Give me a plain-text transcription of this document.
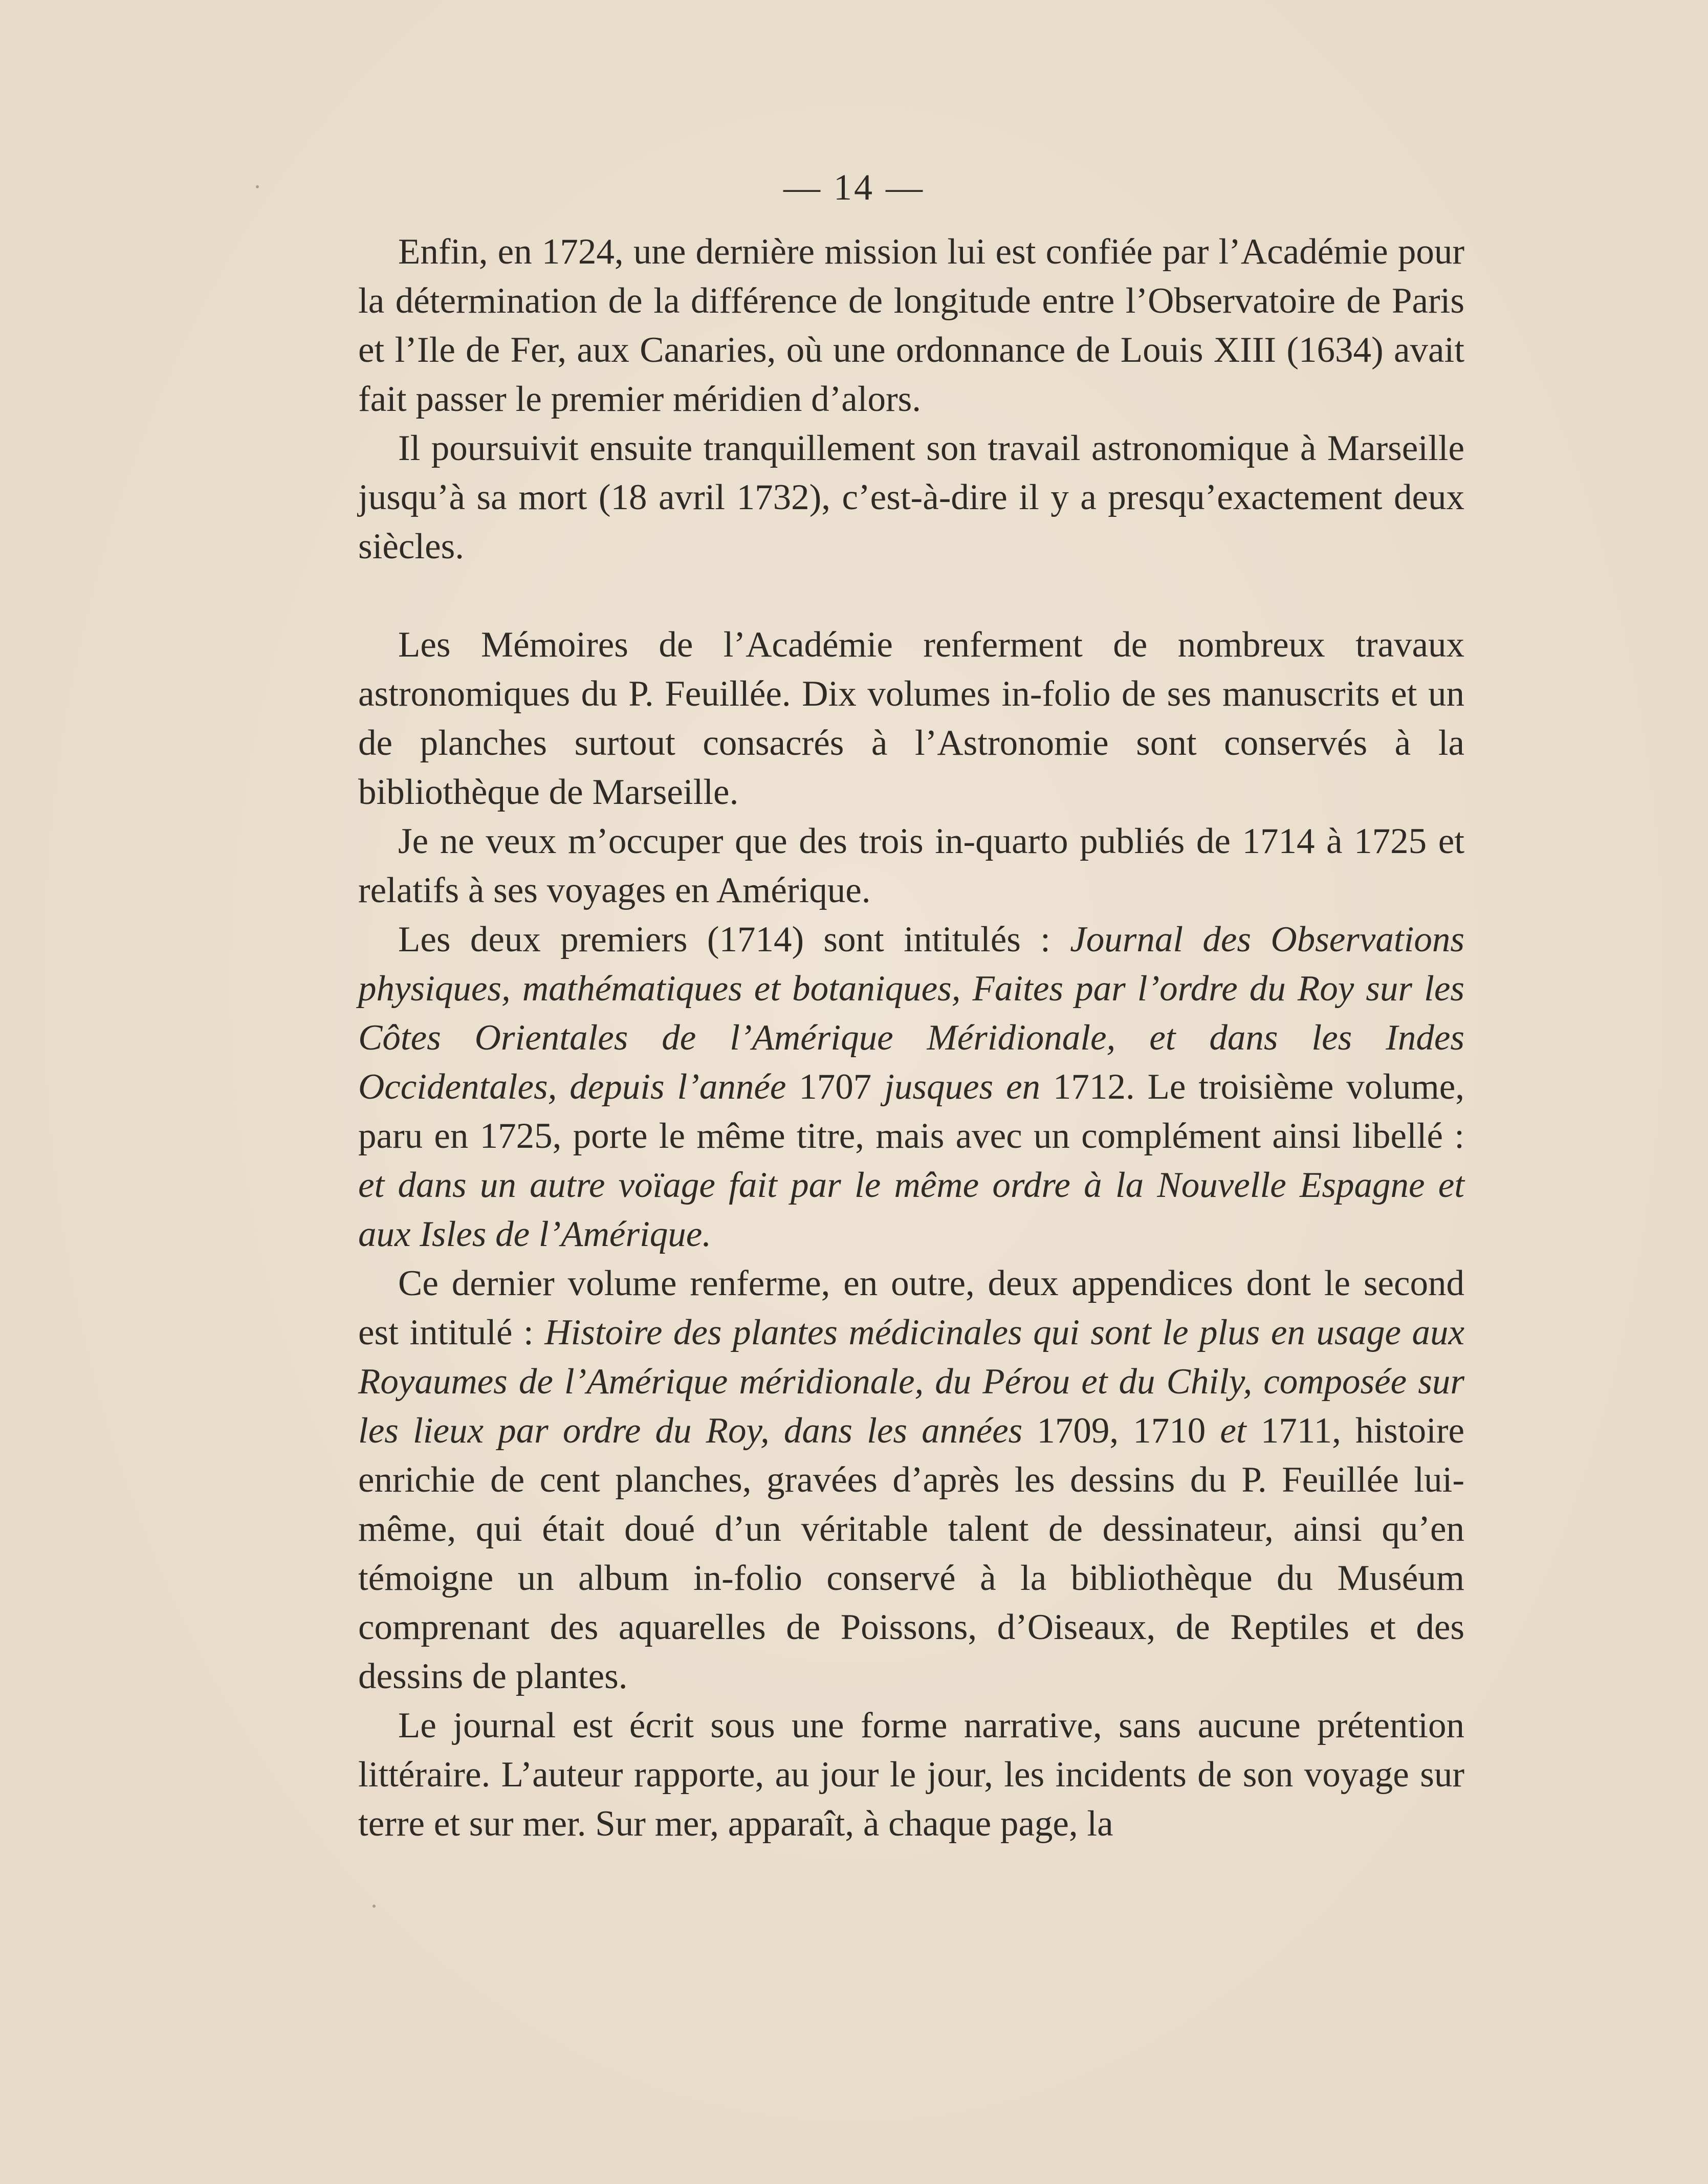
— 14 —

Enfin, en 1724, une dernière mission lui est confiée par l’Académie pour la détermination de la différence de longitude entre l’Observatoire de Paris et l’Ile de Fer, aux Canaries, où une ordonnance de Louis XIII (1634) avait fait passer le premier méridien d’alors.

Il poursuivit ensuite tranquillement son travail astronomique à Marseille jusqu’à sa mort (18 avril 1732), c’est-à-dire il y a presqu’exactement deux siècles.

Les Mémoires de l’Académie renferment de nombreux travaux astronomiques du P. Feuillée. Dix volumes in-folio de ses manuscrits et un de planches surtout consacrés à l’Astronomie sont conservés à la bibliothèque de Marseille.

Je ne veux m’occuper que des trois in-quarto publiés de 1714 à 1725 et relatifs à ses voyages en Amérique.

Les deux premiers (1714) sont intitulés : Journal des Observations physiques, mathématiques et botaniques, Faites par l’ordre du Roy sur les Côtes Orientales de l’Amérique Méridionale, et dans les Indes Occidentales, depuis l’année 1707 jusques en 1712. Le troisième volume, paru en 1725, porte le même titre, mais avec un complément ainsi libellé : et dans un autre voïage fait par le même ordre à la Nouvelle Espagne et aux Isles de l’Amérique.

Ce dernier volume renferme, en outre, deux appendices dont le second est intitulé : Histoire des plantes médicinales qui sont le plus en usage aux Royaumes de l’Amérique méridionale, du Pérou et du Chily, composée sur les lieux par ordre du Roy, dans les années 1709, 1710 et 1711, histoire enrichie de cent planches, gravées d’après les dessins du P. Feuillée lui-même, qui était doué d’un véritable talent de dessinateur, ainsi qu’en témoigne un album in-folio conservé à la bibliothèque du Muséum comprenant des aquarelles de Poissons, d’Oiseaux, de Reptiles et des dessins de plantes.

Le journal est écrit sous une forme narrative, sans aucune prétention littéraire. L’auteur rapporte, au jour le jour, les incidents de son voyage sur terre et sur mer. Sur mer, apparaît, à chaque page, la
